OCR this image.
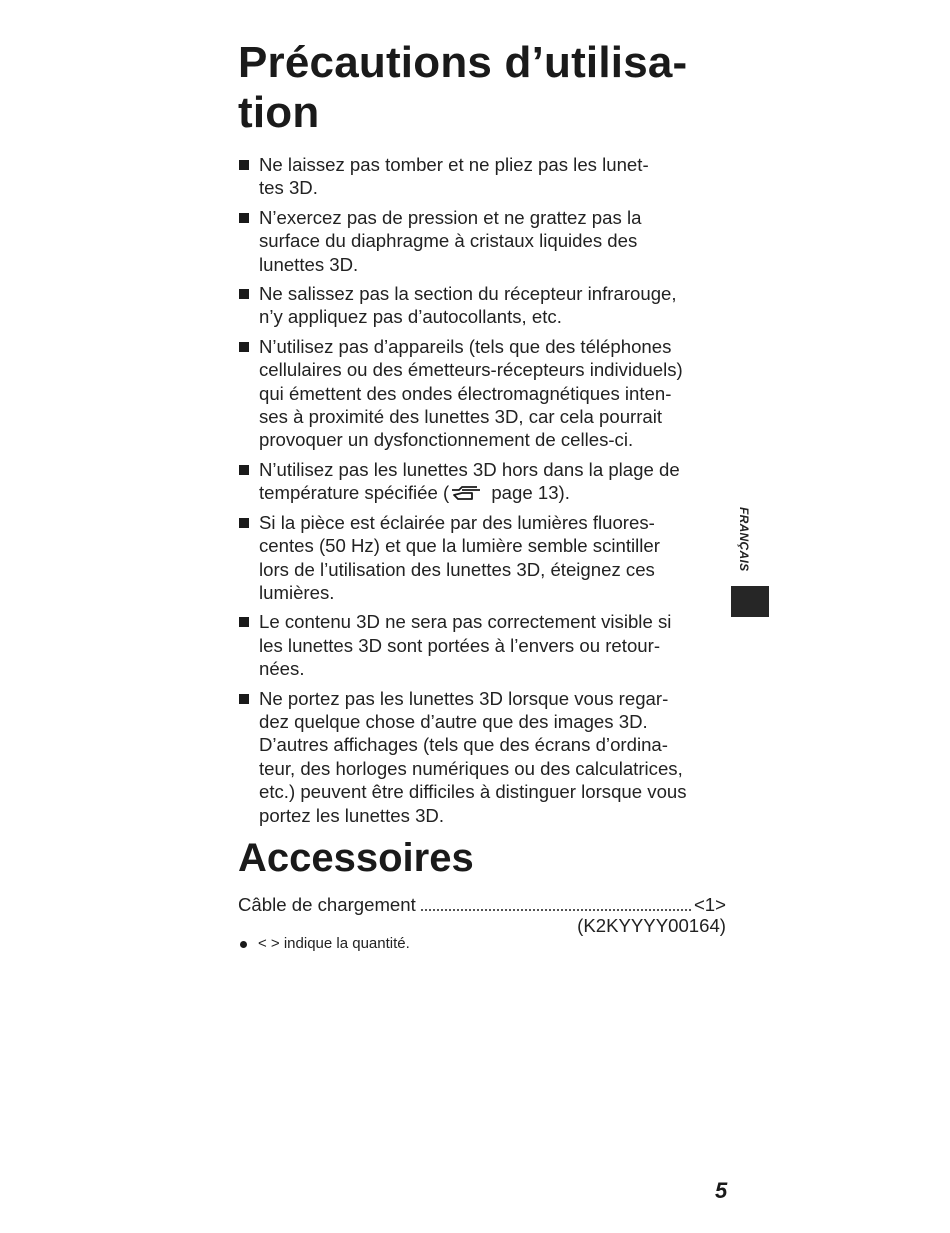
Précautions d’utilisa-
tion
Ne laissez pas tomber et ne pliez pas les lunet-
tes 3D.
N’exercez pas de pression et ne grattez pas la
surface du diaphragme à cristaux liquides des
lunettes 3D.
Ne salissez pas la section du récepteur infrarouge,
n’y appliquez pas d’autocollants, etc.
N’utilisez pas d’appareils (tels que des téléphones
cellulaires ou des émetteurs-récepteurs individuels)
qui émettent des ondes électromagnétiques inten-
ses à proximité des lunettes 3D, car cela pourrait
provoquer un dysfonctionnement de celles-ci.
N’utilisez pas les lunettes 3D hors dans la plage de
température spécifiée ( page 13).
Si la pièce est éclairée par des lumières fluores-
centes (50 Hz) et que la lumière semble scintiller
lors de l’utilisation des lunettes 3D, éteignez ces
lumières.
Le contenu 3D ne sera pas correctement visible si
les lunettes 3D sont portées à l’envers ou retour-
nées.
Ne portez pas les lunettes 3D lorsque vous regar-
dez quelque chose d’autre que des images 3D.
D’autres affichages (tels que des écrans d’ordina-
teur, des horloges numériques ou des calculatrices,
etc.) peuvent être difficiles à distinguer lorsque vous
portez les lunettes 3D.
Accessoires
Câble de chargement	<1>
(K2KYYYY00164)
< > indique la quantité.
FRANÇAIS
5
